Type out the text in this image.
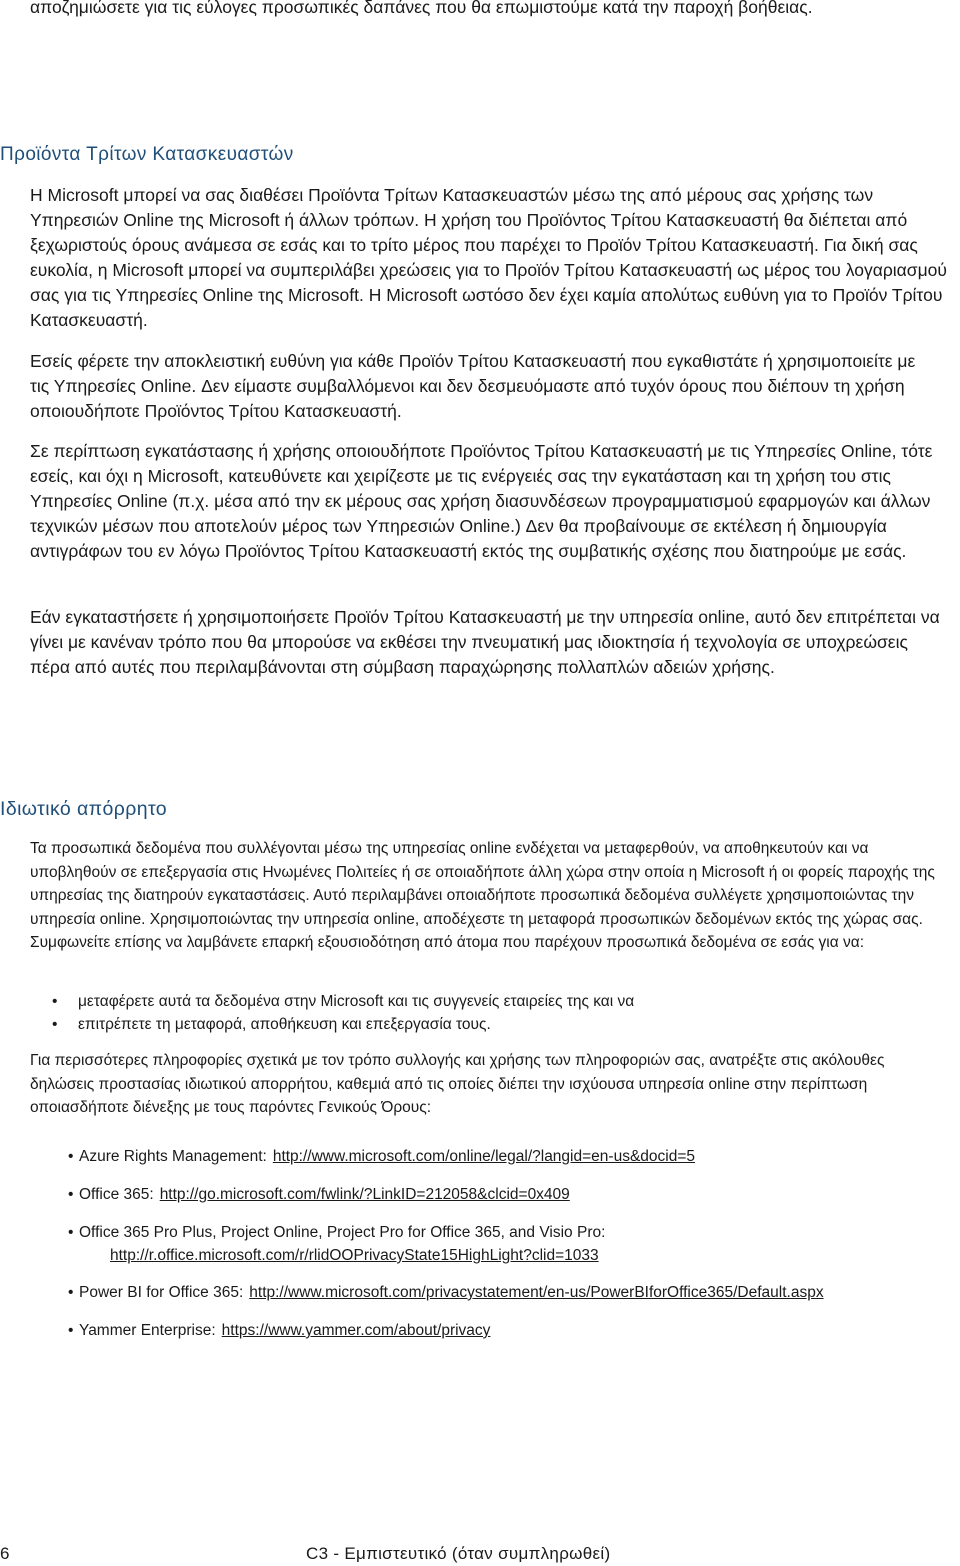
αποζημιώσετε για τις εύλογες προσωπικές δαπάνες που θα επωμιστούμε κατά την παροχή βοήθειας.

Προϊόντα Τρίτων Κατασκευαστών

Η Microsoft μπορεί να σας διαθέσει Προϊόντα Τρίτων Κατασκευαστών μέσω της από μέρους σας χρήσης των Υπηρεσιών Online της Microsoft ή άλλων τρόπων. Η χρήση του Προϊόντος Τρίτου Κατασκευαστή θα διέπεται από ξεχωριστούς όρους ανάμεσα σε εσάς και το τρίτο μέρος που παρέχει το Προϊόν Τρίτου Κατασκευαστή. Για δική σας ευκολία, η Microsoft μπορεί να συμπεριλάβει χρεώσεις για το Προϊόν Τρίτου Κατασκευαστή ως μέρος του λογαριασμού σας για τις Υπηρεσίες Online της Microsoft. Η Microsoft ωστόσο δεν έχει καμία απολύτως ευθύνη για το Προϊόν Τρίτου Κατασκευαστή.

Εσείς φέρετε την αποκλειστική ευθύνη για κάθε Προϊόν Τρίτου Κατασκευαστή που εγκαθιστάτε ή χρησιμοποιείτε με τις Υπηρεσίες Online. Δεν είμαστε συμβαλλόμενοι και δεν δεσμευόμαστε από τυχόν όρους που διέπουν τη χρήση οποιουδήποτε Προϊόντος Τρίτου Κατασκευαστή.

Σε περίπτωση εγκατάστασης ή χρήσης οποιουδήποτε Προϊόντος Τρίτου Κατασκευαστή με τις Υπηρεσίες Online, τότε εσείς, και όχι η Microsoft, κατευθύνετε και χειρίζεστε με τις ενέργειές σας την εγκατάσταση και τη χρήση του στις Υπηρεσίες Online (π.χ. μέσα από την εκ μέρους σας χρήση διασυνδέσεων προγραμματισμού εφαρμογών και άλλων τεχνικών μέσων που αποτελούν μέρος των Υπηρεσιών Online.) Δεν θα προβαίνουμε σε εκτέλεση ή δημιουργία αντιγράφων του εν λόγω Προϊόντος Τρίτου Κατασκευαστή εκτός της συμβατικής σχέσης που διατηρούμε με εσάς.

Εάν εγκαταστήσετε ή χρησιμοποιήσετε Προϊόν Τρίτου Κατασκευαστή με την υπηρεσία online, αυτό δεν επιτρέπεται να γίνει με κανέναν τρόπο που θα μπορούσε να εκθέσει την πνευματική μας ιδιοκτησία ή τεχνολογία σε υποχρεώσεις πέρα από αυτές που περιλαμβάνονται στη σύμβαση παραχώρησης πολλαπλών αδειών χρήσης.

Ιδιωτικό απόρρητο

Τα προσωπικά δεδομένα που συλλέγονται μέσω της υπηρεσίας online ενδέχεται να μεταφερθούν, να αποθηκευτούν και να υποβληθούν σε επεξεργασία στις Ηνωμένες Πολιτείες ή σε οποιαδήποτε άλλη χώρα στην οποία η Microsoft ή οι φορείς παροχής της υπηρεσίας της διατηρούν εγκαταστάσεις. Αυτό περιλαμβάνει οποιαδήποτε προσωπικά δεδομένα συλλέγετε χρησιμοποιώντας την υπηρεσία online. Χρησιμοποιώντας την υπηρεσία online, αποδέχεστε τη μεταφορά προσωπικών δεδομένων εκτός της χώρας σας. Συμφωνείτε επίσης να λαμβάνετε επαρκή εξουσιοδότηση από άτομα που παρέχουν προσωπικά δεδομένα σε εσάς για να:

• μεταφέρετε αυτά τα δεδομένα στην Microsoft και τις συγγενείς εταιρείες της και να
• επιτρέπετε τη μεταφορά, αποθήκευση και επεξεργασία τους.

Για περισσότερες πληροφορίες σχετικά με τον τρόπο συλλογής και χρήσης των πληροφοριών σας, ανατρέξτε στις ακόλουθες δηλώσεις προστασίας ιδιωτικού απορρήτου, καθεμιά από τις οποίες διέπει την ισχύουσα υπηρεσία online στην περίπτωση οποιασδήποτε διένεξης με τους παρόντες Γενικούς Όρους:

• Azure Rights Management: http://www.microsoft.com/online/legal/?langid=en-us&docid=5
• Office 365: http://go.microsoft.com/fwlink/?LinkID=212058&clcid=0x409
• Office 365 Pro Plus, Project Online, Project Pro for Office 365, and Visio Pro:
http://r.office.microsoft.com/r/rlidOOPrivacyState15HighLight?clid=1033
• Power BI for Office 365: http://www.microsoft.com/privacystatement/en-us/PowerBIforOffice365/Default.aspx
• Yammer Enterprise: https://www.yammer.com/about/privacy
6	C3 - Εμπιστευτικό (όταν συμπληρωθεί)
